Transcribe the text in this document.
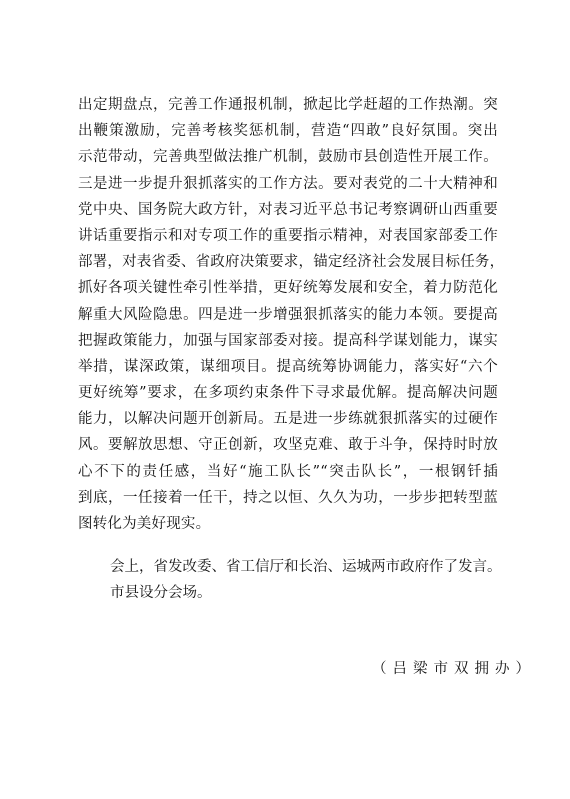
出定期盘点，完善工作通报机制，掀起比学赶超的工作热潮。突
出鞭策激励，完善考核奖惩机制，营造“四敢”良好氛围。突出
示范带动，完善典型做法推广机制，鼓励市县创造性开展工作。
三是进一步提升狠抓落实的工作方法。要对表党的二十大精神和
党中央、国务院大政方针，对表习近平总书记考察调研山西重要
讲话重要指示和对专项工作的重要指示精神，对表国家部委工作
部署，对表省委、省政府决策要求，锚定经济社会发展目标任务，
抓好各项关键性牵引性举措，更好统筹发展和安全，着力防范化
解重大风险隐患。四是进一步增强狠抓落实的能力本领。要提高
把握政策能力，加强与国家部委对接。提高科学谋划能力，谋实
举措，谋深政策，谋细项目。提高统筹协调能力，落实好“六个
更好统筹”要求，在多项约束条件下寻求最优解。提高解决问题
能力，以解决问题开创新局。五是进一步练就狠抓落实的过硬作
风。要解放思想、守正创新，攻坚克难、敢于斗争，保持时时放
心不下的责任感，当好“施工队长”“突击队长”，一根钢钎插
到底，一任接着一任干，持之以恒、久久为功，一步步把转型蓝
图转化为美好现实。
会上，省发改委、省工信厅和长治、运城两市政府作了发言。
市县设分会场。
（吕梁市双拥办）
